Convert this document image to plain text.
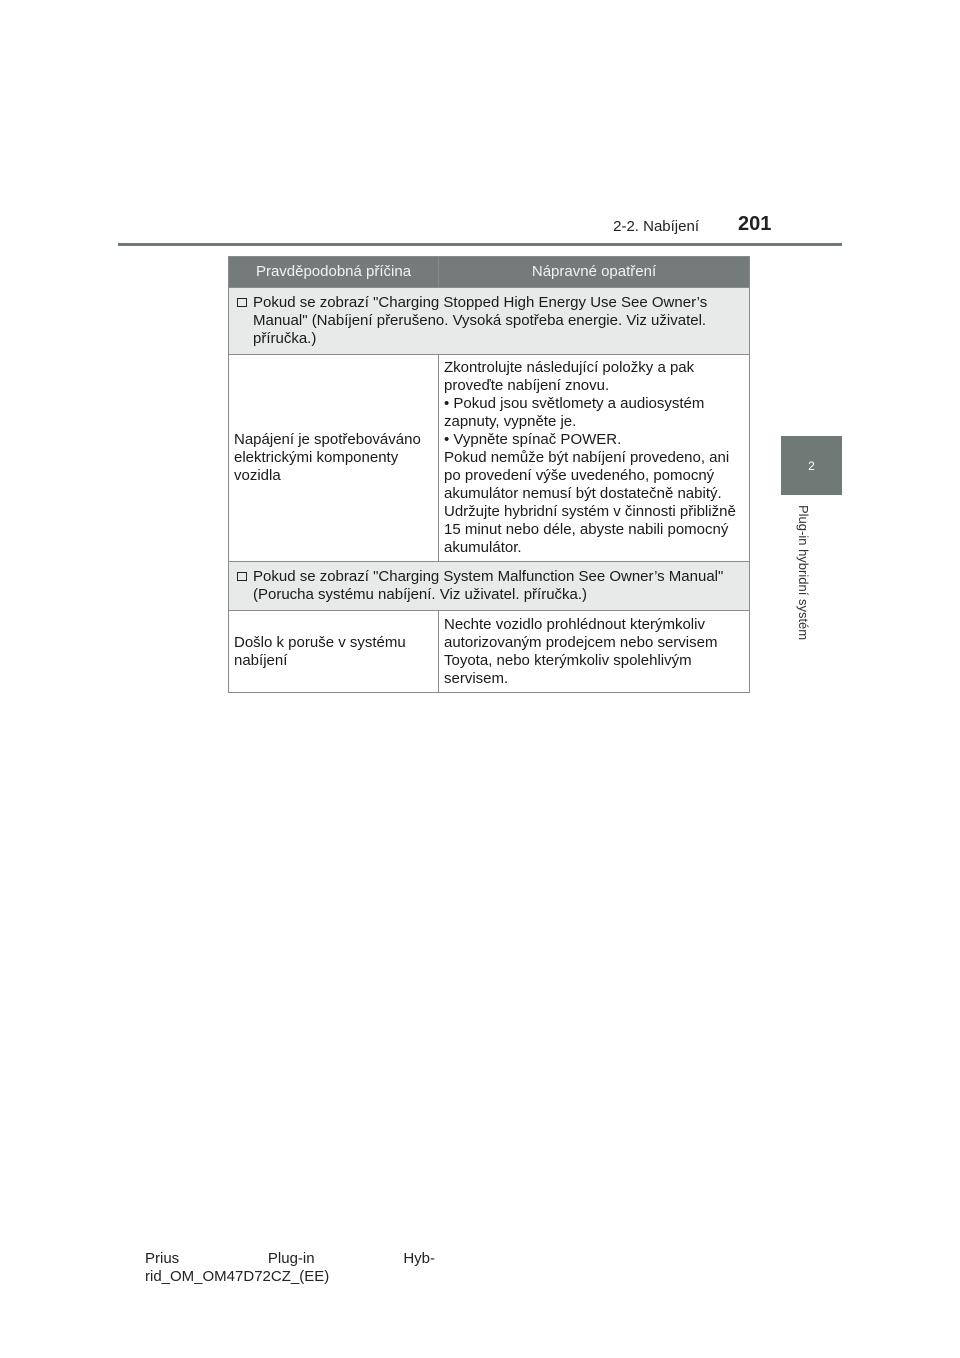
2-2. Nabíjení 201
2
Plug-in hybridní systém
Pravděpodobná příčina	Nápravné opatření

Pokud se zobrazí "Charging Stopped High Energy Use See Owner’s Manual" (Nabíjení přerušeno. Vysoká spotřeba energie. Viz uživatel. příručka.)	

Napájení je spotřebováváno elektrickými komponenty vozidla	Zkontrolujte následující položky a pak proveďte nabíjení znovu.
• Pokud jsou světlomety a audiosystém zapnuty, vypněte je.
• Vypněte spínač POWER.
Pokud nemůže být nabíjení provedeno, ani po provedení výše uvedeného, pomocný akumulátor nemusí být dostatečně nabitý. Udržujte hybridní systém v činnosti přibližně 15 minut nebo déle, abyste nabili pomocný akumulátor.

Pokud se zobrazí "Charging System Malfunction See Owner’s Manual" (Porucha systému nabíjení. Viz uživatel. příručka.)	

Došlo k poruše v systému nabíjení	Nechte vozidlo prohlédnout kterýmkoliv autorizovaným prodejcem nebo servisem Toyota, nebo kterýmkoliv spolehlivým servisem.
Prius	Plug-in	Hyb-
rid_OM_OM47D72CZ_(EE)
